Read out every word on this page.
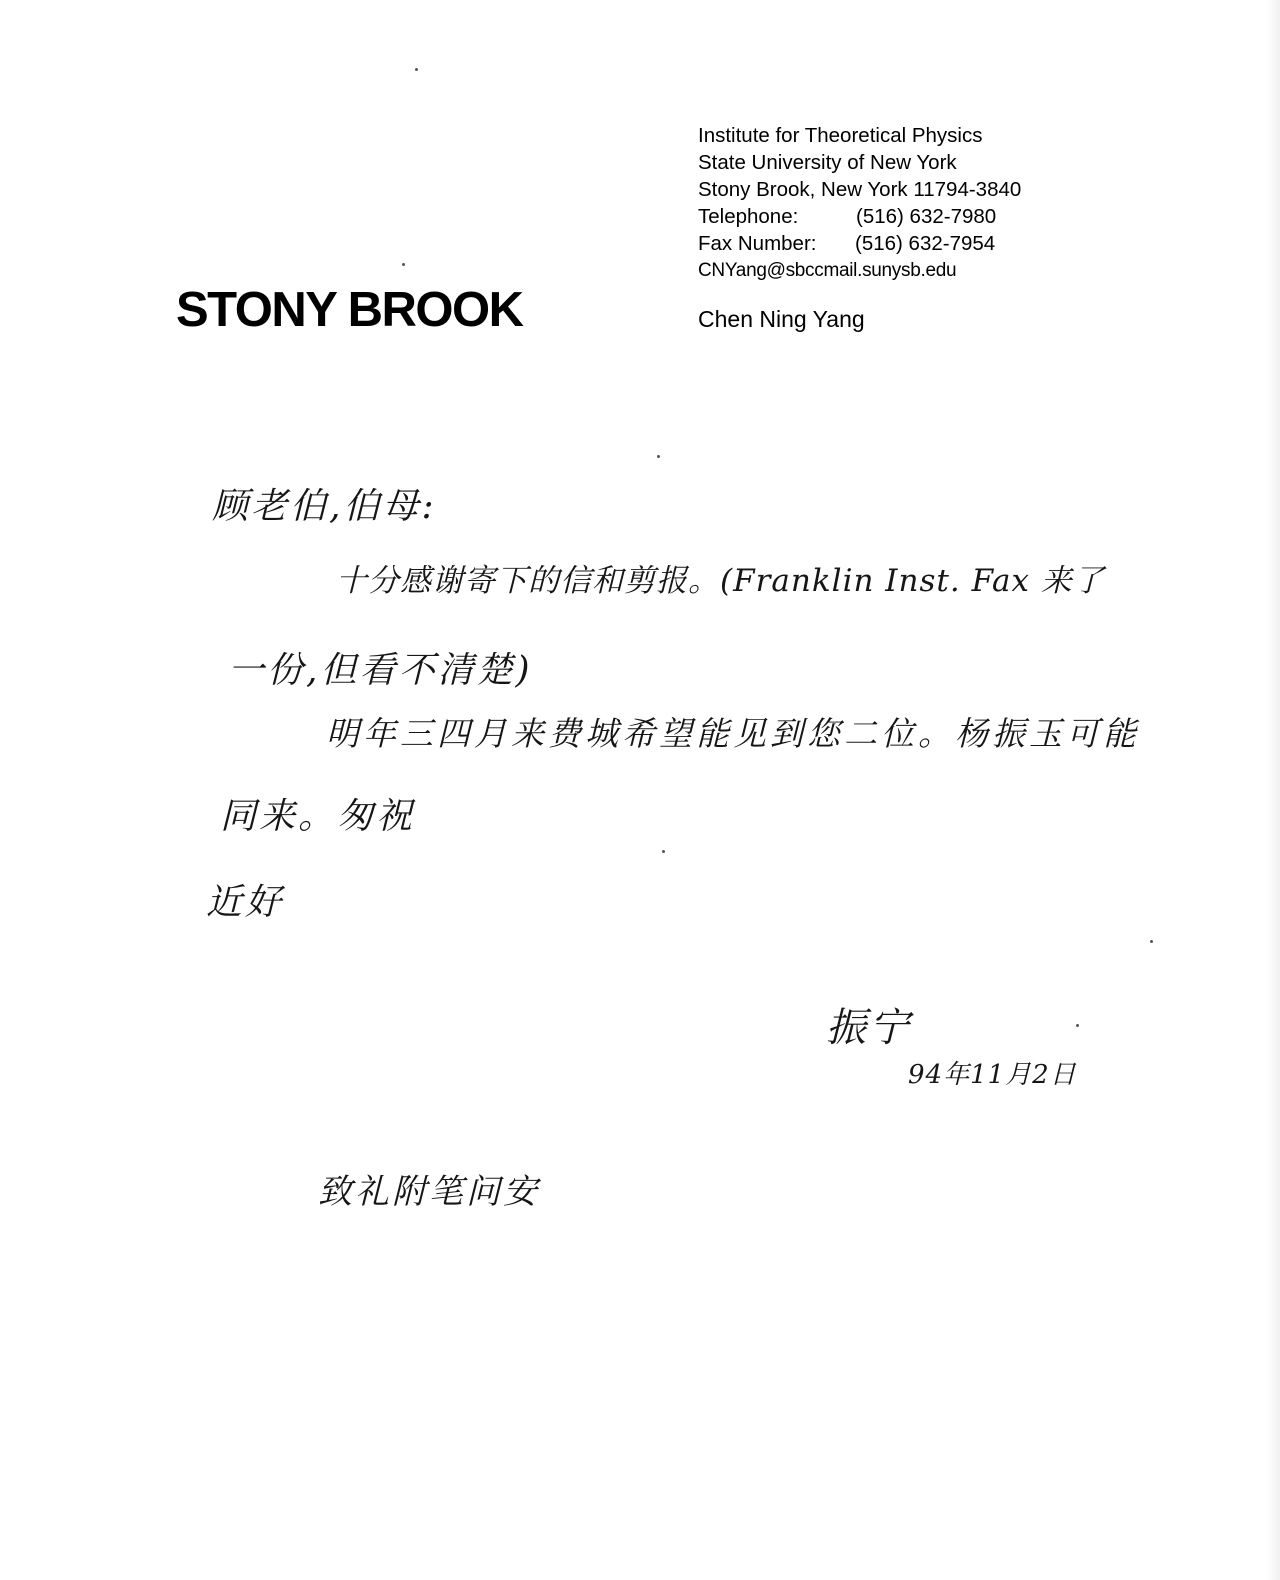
STONY BROOK
Institute for Theoretical Physics
State University of New York
Stony Brook, New York 11794-3840
Telephone:	(516) 632-7980
Fax Number: (516) 632-7954
CNYang@sbccmail.sunysb.edu
Chen Ning Yang
顾老伯,伯母:
十分感谢寄下的信和剪报。(Franklin Inst. Fax 来了
一份,但看不清楚)
明年三四月来费城希望能见到您二位。杨振玉可能
同来。匆祝
近好
振宁
94年11月2日
致礼附笔问安
